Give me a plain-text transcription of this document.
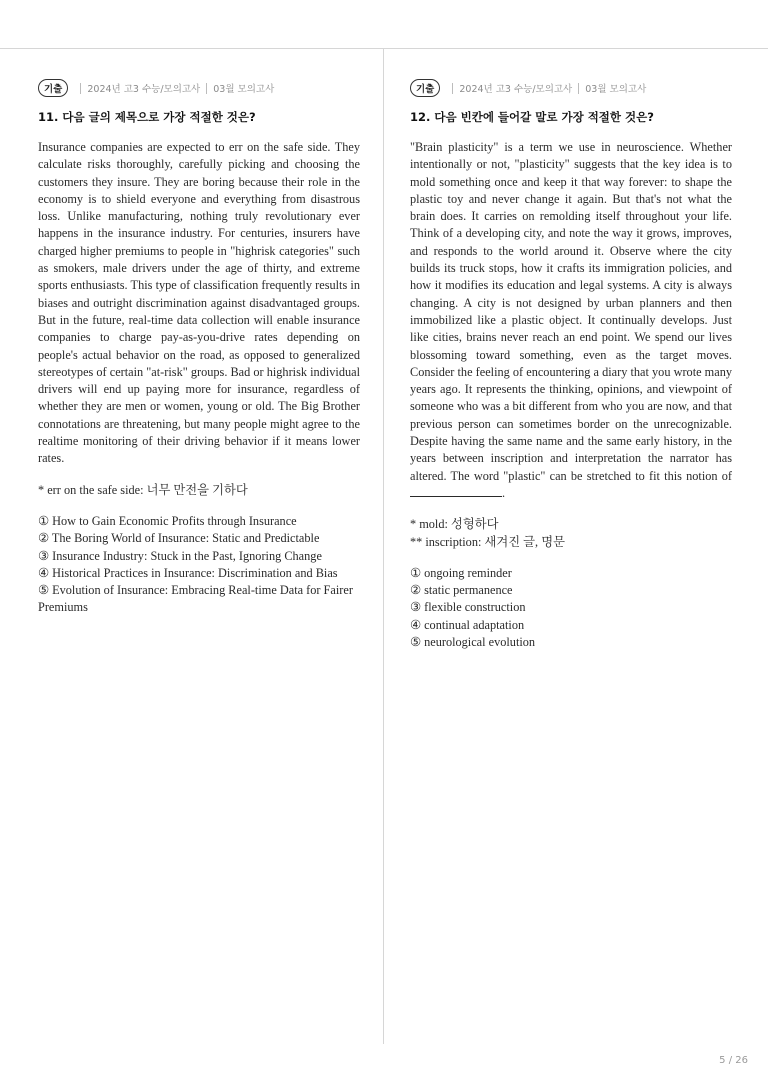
기출	2024년 고3 수능/모의고사 03월 모의고사
11. 다음 글의 제목으로 가장 적절한 것은?

Insurance companies are expected to err on the safe side. They calculate risks thoroughly, carefully picking and choosing the customers they insure. They are boring because their role in the economy is to shield everyone and everything from disastrous loss. Unlike manufacturing, nothing truly revolutionary ever happens in the insurance industry. For centuries, insurers have charged higher premiums to people in "highrisk categories" such as smokers, male drivers under the age of thirty, and extreme sports enthusiasts. This type of classification frequently results in biases and outright discrimination against disadvantaged groups. But in the future, real-time data collection will enable insurance companies to charge pay-as-you-drive rates depending on people's actual behavior on the road, as opposed to generalized stereotypes of certain "at-risk" groups. Bad or highrisk individual drivers will end up paying more for insurance, regardless of whether they are men or women, young or old. The Big Brother connotations are threatening, but many people might agree to the realtime monitoring of their driving behavior if it means lower rates.

* err on the safe side: 너무 만전을 기하다

① How to Gain Economic Profits through Insurance
② The Boring World of Insurance: Static and Predictable
③ Insurance Industry: Stuck in the Past, Ignoring Change
④ Historical Practices in Insurance: Discrimination and Bias
⑤ Evolution of Insurance: Embracing Real-time Data for Fairer Premiums
기출	2024년 고3 수능/모의고사 03월 모의고사
12. 다음 빈칸에 들어갈 말로 가장 적절한 것은?

"Brain plasticity" is a term we use in neuroscience. Whether intentionally or not, "plasticity" suggests that the key idea is to mold something once and keep it that way forever: to shape the plastic toy and never change it again. But that's not what the brain does. It carries on remolding itself throughout your life. Think of a developing city, and note the way it grows, improves, and responds to the world around it. Observe where the city builds its truck stops, how it crafts its immigration policies, and how it modifies its education and legal systems. A city is always changing. A city is not designed by urban planners and then immobilized like a plastic object. It continually develops. Just like cities, brains never reach an end point. We spend our lives blossoming toward something, even as the target moves. Consider the feeling of encountering a diary that you wrote many years ago. It represents the thinking, opinions, and viewpoint of someone who was a bit different from who you are now, and that previous person can sometimes border on the unrecognizable. Despite having the same name and the same early history, in the years between inscription and interpretation the narrator has altered. The word "plastic" can be stretched to fit this notion of .

* mold: 성형하다

** inscription: 새겨진 글, 명문

① ongoing reminder
② static permanence
③ flexible construction
④ continual adaptation
⑤ neurological evolution
5 / 26
